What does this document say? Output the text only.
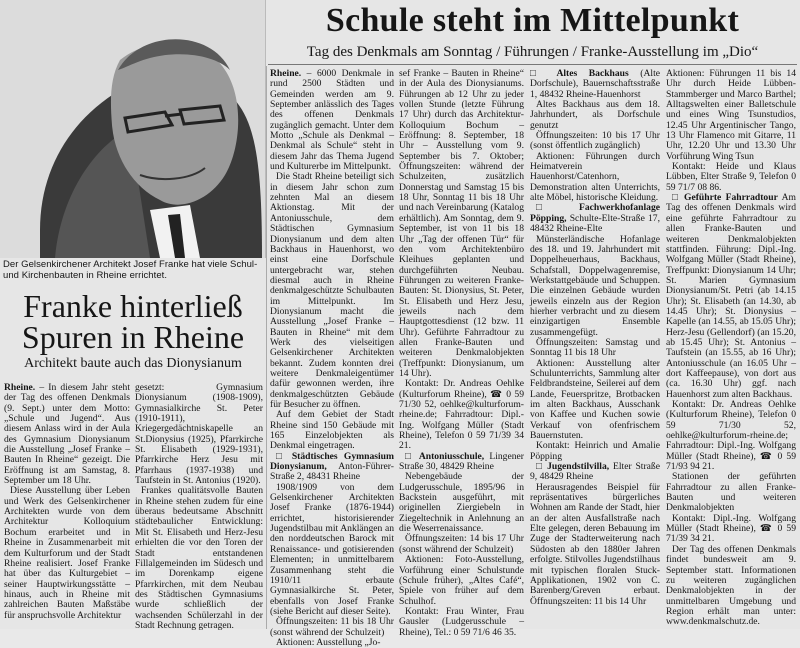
Der Gelsenkirchener Architekt Josef Franke hat viele Schul- und Kirchenbauten in Rheine errichtet.
Franke hinterließ Spuren in Rheine
Architekt baute auch das Dionysianum
Schule steht im Mittelpunkt
Tag des Denkmals am Sonntag / Führungen / Franke-Ausstellung im „Dio“

Rheine. – In diesem Jahr steht der Tag des offenen Denkmals (9. Sept.) unter dem Motto: „Schule und Jugend“. Aus diesem Anlass wird in der Aula des Gymnasium Dionysianum die Ausstellung „Josef Franke – Bauten In Rheine“ gezeigt. Die Eröffnung ist am Samstag, 8. September um 18 Uhr.

Diese Ausstellung über Leben und Werk des Gelsenkirchener Architekten wurde von dem Architektur Kolloquium Bochum erarbeitet und in Rheine in Zusammenarbeit mit dem Kulturforum und der Stadt Rheine realisiert. Josef Franke hat über das Kulturgebiet – seiner Hauptwirkungsstätte – hinaus, auch in Rheine mit zahlreichen Bauten Maßstäbe für anspruchsvolle Architektur

gesetzt: Gymnasium Dionysianum (1908-1909), Gymnasialkirche St. Peter (1910-1911), Kriegergedächtniskapelle an St.Dionysius (1925), Pfarrkirche St. Elisabeth (1929-1931), Pfarrkirche Herz Jesu mit Pfarrhaus (1937-1938) und Taufstein in St. Antonius (1920).

Frankes qualitätsvolle Bauten in Rheine stehen zudem für eine überaus bedeutsame Abschnitt städtebaulicher Entwicklung: Mit St. Elisabeth und Herz-Jesu erhielten die vor den Toren der Stadt entstandenen Fillalgemeinden im Südesch und im Dorenkamp eigene Pfarrkirchen, mit dem Neubau des Städtischen Gymnasiums wurde schließlich der wachsenden Schülerzahl in der Stadt Rechnung getragen.

Rheine. – 6000 Denkmale in rund 2500 Städten und Gemeinden werden am 9. September anlässlich des Tages des offenen Denkmals zugänglich gemacht. Unter dem Motto „Schule als Denkmal – Denkmal als Schule“ steht in diesem Jahr das Thema Jugend und Kulturerbe im Mittelpunkt.

Die Stadt Rheine beteiligt sich in diesem Jahr schon zum zehnten Mal an diesem Aktionstag. Mit der Antoniusschule, dem Städtischen Gymnasium Dionysianum und dem alten Backhaus in Hauenhorst, wo einst eine Dorfschule untergebracht war, stehen diesmal auch in Rheine denkmalgeschützte Schulbauten im Mittelpunkt. Im Dionysianum macht die Ausstellung „Josef Franke – Bauten in Rheine“ mit dem Werk des vielseitigen Gelsenkirchener Architekten bekannt. Zudem konnten drei weitere Denkmaleigentümer dafür gewonnen werden, ihre denkmalgeschützten Gebäude für Besucher zu öffnen.

Auf dem Gebiet der Stadt Rheine sind 150 Gebäude mit 165 Einzelobjekten als Denkmal eingetragen.

□ Städtisches Gymnasium Dionysianum, Anton-Führer-Straße 2, 48431 Rheine

1908/1909 von dem Gelsenkirchener Architekten Josef Franke (1876-1944) errichtet, historisierender Jugendstilbau mit Anklängen an den norddeutschen Barock mit Renaissance- und gotisierenden Elementen; in unmittelbarem Zusammenhang steht die 1910/11 erbaute Gymnasialkirche St. Peter, ebenfalls von Josef Franke (siehe Bericht auf dieser Seite).

Öffnungszeiten: 11 bis 18 Uhr (sonst während der Schulzeit)

Aktionen: Ausstellung „Jo-

sef Franke – Bauten in Rheine“ in der Aula des Dionysianums. Führungen ab 12 Uhr zu jeder vollen Stunde (letzte Führung 17 Uhr) durch das Architektur-Kolloquium Bochum – Eröffnung: 8. September, 18 Uhr – Ausstellung vom 9. September bis 7. Oktober; Öffnungszeiten: während der Schulzeiten, zusätzlich Donnerstag und Samstag 15 bis 18 Uhr, Sonntag 11 bis 18 Uhr und nach Vereinbarung (Katalog erhältlich). Am Sonntag, dem 9. September, ist von 11 bis 18 Uhr „Tag der offenen Tür“ für den vom Architektenbüro Kleihues geplanten und durchgeführten Neubau. Führungen zu weiteren Franke-Bauten: St. Dionysius, St. Peter, St. Elisabeth und Herz Jesu, jeweils nach dem Hauptgottesdienst (12 bzw. 11 Uhr). Geführte Fahrradtour zu allen Franke-Bauten und weiteren Denkmalobjekten (Treffpunkt: Dionysianum, um 14 Uhr).

Kontakt: Dr. Andreas Oehlke (Kulturforum Rheine), ☎ 0 59 71/30 52, oehlke@kulturforum-rheine.de; Fahrradtour: Dipl.-Ing. Wolfgang Müller (Stadt Rheine), Telefon 0 59 71/39 34 21.

□ Antoniusschule, Lingener Straße 30, 48429 Rheine

Nebengebäude der Ludgerusschule, 1895/96 in Backstein ausgeführt, mit originellen Ziergiebeln in Ziegeltechnik in Anlehnung an die Weserrenaissance.

Öffnungszeiten: 14 bis 17 Uhr (sonst während der Schulzeit)

Aktionen: Foto-Ausstellung, Vorführung einer Schulstunde (Schule früher), „Altes Café“, Spiele von früher auf dem Schulhof.

Kontakt: Frau Winter, Frau Gausler (Ludgerusschule – Rheine), Tel.: 0 59 71/6 46 35.

□ Altes Backhaus (Alte Dorfschule), Bauernschaftsstraße 1, 48432 Rheine-Hauenhorst

Altes Backhaus aus dem 18. Jahrhundert, als Dorfschule genutzt

Öffnungszeiten: 10 bis 17 Uhr (sonst öffentlich zugänglich)

Aktionen: Führungen durch Heimatverein Hauenhorst/Catenhorn, Demonstration alten Unterrichts, alte Möbel, historische Kleidung.

□ Fachwerkhofanlage Pöpping, Schulte-Elte-Straße 17, 48432 Rheine-Elte

Münsterländische Hofanlage des 18. und 19. Jahrhundert mit Doppelheuerhaus, Backhaus, Schafstall, Doppelwagenremise, Werkstattgebäude und Schuppen. Die einzelnen Gebäude wurden jeweils einzeln aus der Region hierher verbracht und zu diesem einzigartigen Ensemble zusammengefügt.

Öffnungszeiten: Samstag und Sonntag 11 bis 18 Uhr

Aktionen: Ausstellung alter Schulunterrichts, Sammlung alter Feldbrandsteine, Seilerei auf dem Lande, Feuerspritze, Brotbacken im alten Backhaus, Ausschank von Kaffee und Kuchen sowie Verkauf von ofenfrischem Bauernstuten.

Kontakt: Heinrich und Amalie Pöpping

□ Jugendstilvilla, Elter Straße 9, 48429 Rheine

Herausragendes Beispiel für repräsentatives bürgerliches Wohnen am Rande der Stadt, hier an der alten Ausfallstraße nach Elte gelegen, deren Bebauung im Zuge der Stadterweiterung nach Südosten ab den 1880er Jahren erfolgte. Stilvolles Jugendstilhaus mit typischen floralen Stuck-Applikationen, 1902 von C. Barenberg/Greven erbaut. Öffnungszeiten: 11 bis 14 Uhr

Aktionen: Führungen 11 bis 14 Uhr durch Heide Lübben-Stammberger und Marco Barthel; Alltagswelten einer Balletschule und eines Wing Tsunstudios, 12.45 Uhr Argentinischer Tango, 13 Uhr Flamenco mit Gitarre, 11 Uhr, 12.20 Uhr und 13.30 Uhr Vorführung Wing Tsun

Kontakt: Heide und Klaus Lübben, Elter Straße 9, Telefon 0 59 71/7 08 86.

□ Geführte Fahrradtour Am Tag des offenen Denkmals wird eine geführte Fahrradtour zu allen Franke-Bauten und weiteren Denkmalobjekten stattfinden. Führung: Dipl.-Ing. Wolfgang Müller (Stadt Rheine), Treffpunkt: Dionysianum 14 Uhr; St. Marien Gymnasium Dionysianum/St. Petri (ab 14.15 Uhr); St. Elisabeth (an 14.30, ab 14.45 Uhr); St. Dionysius – Kapelle (an 14.55, ab 15.05 Uhr); Herz-Jesu (Gellendorf) (an 15.20, ab 15.45 Uhr); St. Antonius – Taufstein (an 15.55, ab 16 Uhr); Antoniusschule (an 16.05 Uhr – dort Kaffeepause), von dort aus (ca. 16.30 Uhr) ggf. nach Hauenhorst zum alten Backhaus.

Kontakt: Dr. Andreas Oehlke (Kulturforum Rheine), Telefon 0 59 71/30 52, oehlke@kulturforum-rheine.de; Fahrradtour: Dipl.-Ing. Wolfgang Müller (Stadt Rheine), ☎ 0 59 71/93 94 21.

Stationen der geführten Fahrradtour zu allen Franke-Bauten und weiteren Denkmalobjekten

Kontakt: Dipl.-Ing. Wolfgang Müller (Stadt Rheine), ☎ 0 59 71/39 34 21.

Der Tag des offenen Denkmals findet bundesweit am 9. September statt. Informationen zu weiteren zugänglichen Denkmalobjekten in der unmittelbaren Umgebung und Region erhält man unter: www.denkmalschutz.de.
